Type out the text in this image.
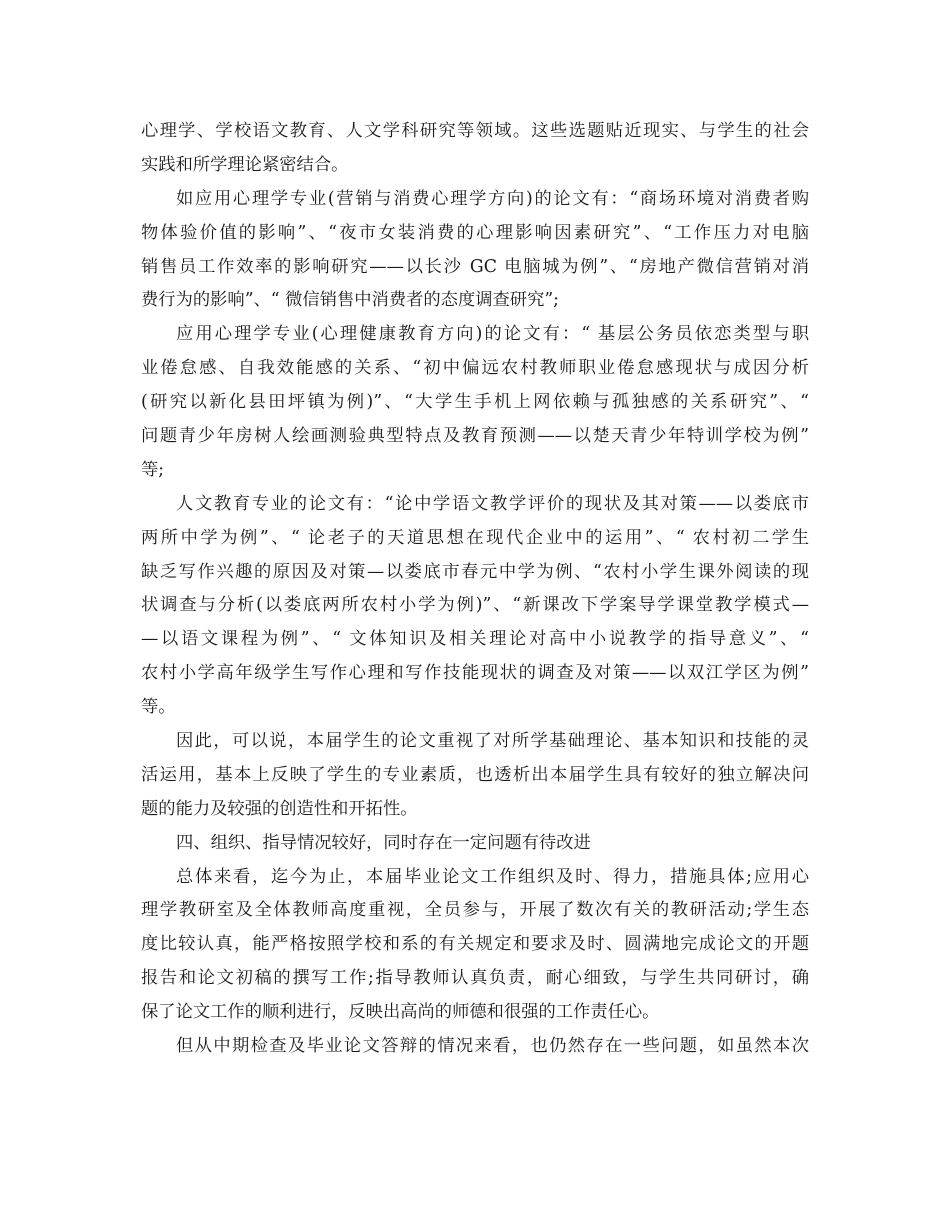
心理学、学校语文教育、人文学科研究等领域。这些选题贴近现实、与学生的社会
实践和所学理论紧密结合。
如应用心理学专业(营销与消费心理学方向)的论文有：“商场环境对消费者购
物体验价值的影响”、“夜市女装消费的心理影响因素研究”、“工作压力对电脑
销售员工作效率的影响研究——以长沙 GC 电脑城为例”、“房地产微信营销对消
费行为的影响”、“ 微信销售中消费者的态度调查研究”;
应用心理学专业(心理健康教育方向)的论文有：“ 基层公务员依恋类型与职
业倦怠感、自我效能感的关系、“初中偏远农村教师职业倦怠感现状与成因分析
(研究以新化县田坪镇为例)”、“大学生手机上网依赖与孤独感的关系研究”、“
问题青少年房树人绘画测验典型特点及教育预测——以楚天青少年特训学校为例”
等;
人文教育专业的论文有：“论中学语文教学评价的现状及其对策——以娄底市
两所中学为例”、“ 论老子的天道思想在现代企业中的运用”、“ 农村初二学生
缺乏写作兴趣的原因及对策—以娄底市春元中学为例、“农村小学生课外阅读的现
状调查与分析(以娄底两所农村小学为例)”、“新课改下学案导学课堂教学模式—
—以语文课程为例”、“ 文体知识及相关理论对高中小说教学的指导意义”、“
农村小学高年级学生写作心理和写作技能现状的调查及对策——以双江学区为例”
等。
因此，可以说，本届学生的论文重视了对所学基础理论、基本知识和技能的灵
活运用，基本上反映了学生的专业素质，也透析出本届学生具有较好的独立解决问
题的能力及较强的创造性和开拓性。
四、组织、指导情况较好，同时存在一定问题有待改进
总体来看，迄今为止，本届毕业论文工作组织及时、得力，措施具体;应用心
理学教研室及全体教师高度重视，全员参与，开展了数次有关的教研活动;学生态
度比较认真，能严格按照学校和系的有关规定和要求及时、圆满地完成论文的开题
报告和论文初稿的撰写工作;指导教师认真负责，耐心细致，与学生共同研讨，确
保了论文工作的顺利进行，反映出高尚的师德和很强的工作责任心。
但从中期检查及毕业论文答辩的情况来看，也仍然存在一些问题，如虽然本次
